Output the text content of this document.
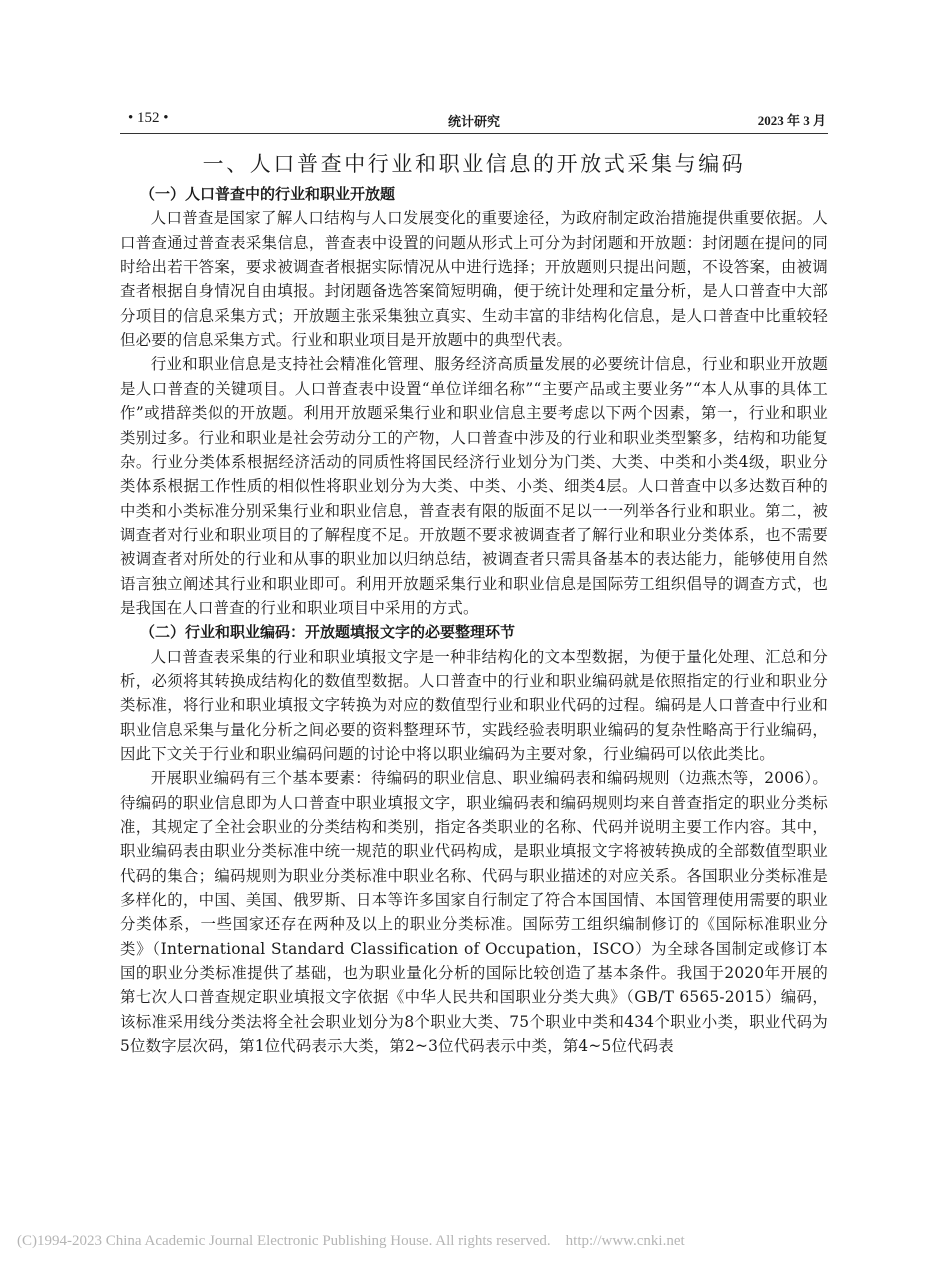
• 152 •	统计研究	2023 年 3 月
一、人口普查中行业和职业信息的开放式采集与编码
（一）人口普查中的行业和职业开放题

人口普查是国家了解人口结构与人口发展变化的重要途径，为政府制定政治措施提供重要依据。人口普查通过普查表采集信息，普查表中设置的问题从形式上可分为封闭题和开放题：封闭题在提问的同时给出若干答案，要求被调查者根据实际情况从中进行选择；开放题则只提出问题，不设答案，由被调查者根据自身情况自由填报。封闭题备选答案简短明确，便于统计处理和定量分析，是人口普查中大部分项目的信息采集方式；开放题主张采集独立真实、生动丰富的非结构化信息，是人口普查中比重较轻但必要的信息采集方式。行业和职业项目是开放题中的典型代表。

行业和职业信息是支持社会精准化管理、服务经济高质量发展的必要统计信息，行业和职业开放题是人口普查的关键项目。人口普查表中设置“单位详细名称”“主要产品或主要业务”“本人从事的具体工作”或措辞类似的开放题。利用开放题采集行业和职业信息主要考虑以下两个因素，第一，行业和职业类别过多。行业和职业是社会劳动分工的产物，人口普查中涉及的行业和职业类型繁多，结构和功能复杂。行业分类体系根据经济活动的同质性将国民经济行业划分为门类、大类、中类和小类4级，职业分类体系根据工作性质的相似性将职业划分为大类、中类、小类、细类4层。人口普查中以多达数百种的中类和小类标准分别采集行业和职业信息，普查表有限的版面不足以一一列举各行业和职业。第二，被调查者对行业和职业项目的了解程度不足。开放题不要求被调查者了解行业和职业分类体系，也不需要被调查者对所处的行业和从事的职业加以归纳总结，被调查者只需具备基本的表达能力，能够使用自然语言独立阐述其行业和职业即可。利用开放题采集行业和职业信息是国际劳工组织倡导的调查方式，也是我国在人口普查的行业和职业项目中采用的方式。

（二）行业和职业编码：开放题填报文字的必要整理环节

人口普查表采集的行业和职业填报文字是一种非结构化的文本型数据，为便于量化处理、汇总和分析，必须将其转换成结构化的数值型数据。人口普查中的行业和职业编码就是依照指定的行业和职业分类标准，将行业和职业填报文字转换为对应的数值型行业和职业代码的过程。编码是人口普查中行业和职业信息采集与量化分析之间必要的资料整理环节，实践经验表明职业编码的复杂性略高于行业编码，因此下文关于行业和职业编码问题的讨论中将以职业编码为主要对象，行业编码可以依此类比。

开展职业编码有三个基本要素：待编码的职业信息、职业编码表和编码规则（边燕杰等，2006）。待编码的职业信息即为人口普查中职业填报文字，职业编码表和编码规则均来自普查指定的职业分类标准，其规定了全社会职业的分类结构和类别，指定各类职业的名称、代码并说明主要工作内容。其中，职业编码表由职业分类标准中统一规范的职业代码构成，是职业填报文字将被转换成的全部数值型职业代码的集合；编码规则为职业分类标准中职业名称、代码与职业描述的对应关系。各国职业分类标准是多样化的，中国、美国、俄罗斯、日本等许多国家自行制定了符合本国国情、本国管理使用需要的职业分类体系，一些国家还存在两种及以上的职业分类标准。国际劳工组织编制修订的《国际标准职业分类》（International Standard Classification of Occupation，ISCO）为全球各国制定或修订本国的职业分类标准提供了基础，也为职业量化分析的国际比较创造了基本条件。我国于2020年开展的第七次人口普查规定职业填报文字依据《中华人民共和国职业分类大典》（GB/T 6565-2015）编码，该标准采用线分类法将全社会职业划分为8个职业大类、75个职业中类和434个职业小类，职业代码为5位数字层次码，第1位代码表示大类，第2~3位代码表示中类，第4~5位代码表

(C)1994-2023 China Academic Journal Electronic Publishing House. All rights reserved.    http://www.cnki.net
